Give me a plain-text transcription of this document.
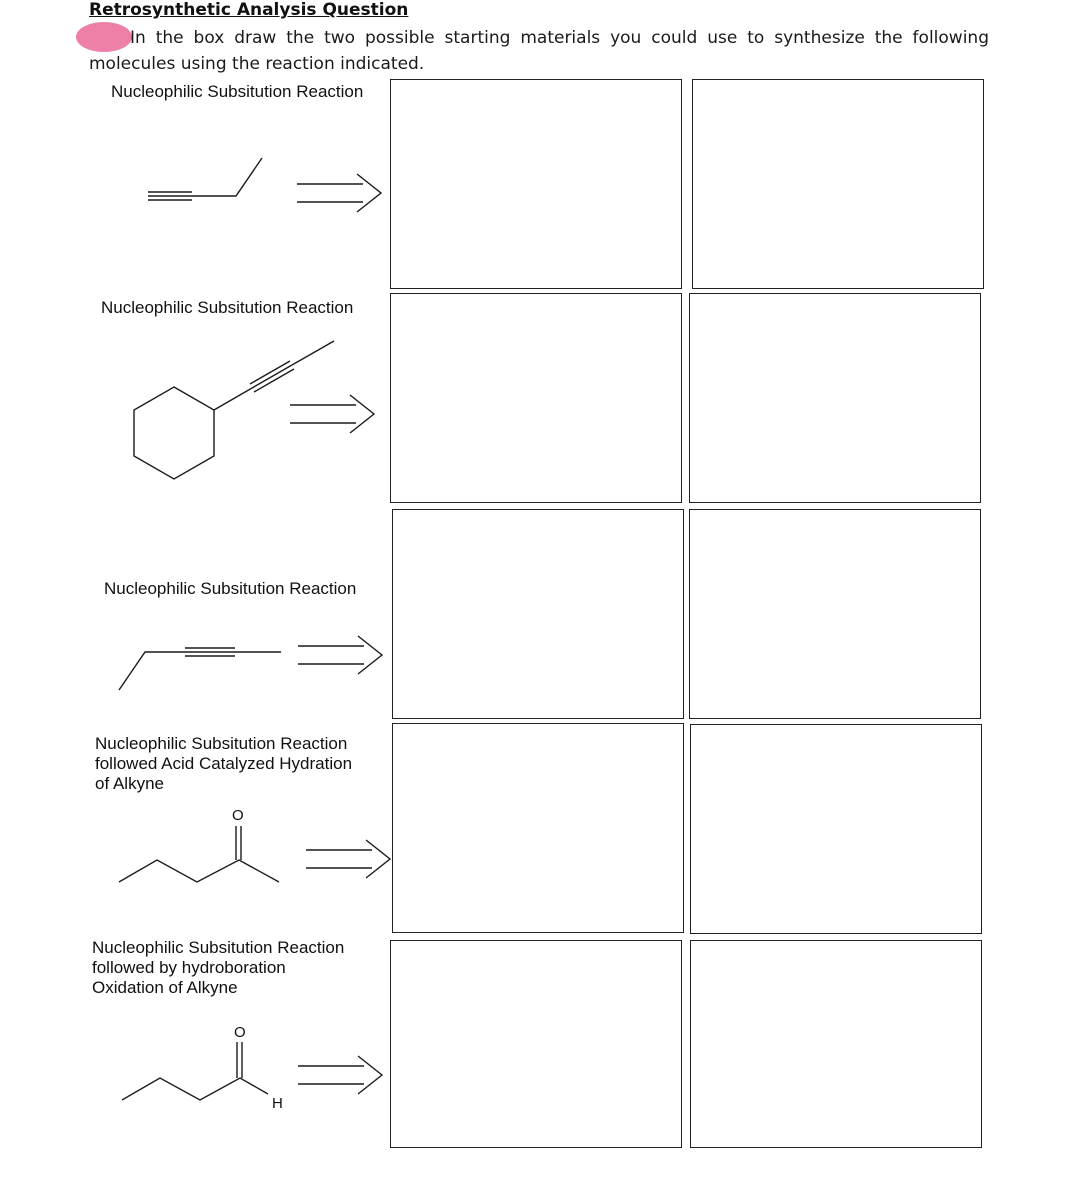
Retrosynthetic Analysis Question
In the box draw the two possible starting materials you could use to synthesize the following molecules using the reaction indicated.
Nucleophilic Subsitution Reaction
Nucleophilic Subsitution Reaction
Nucleophilic Subsitution Reaction
Nucleophilic Subsitution Reaction
followed Acid Catalyzed Hydration
of Alkyne
O
Nucleophilic Subsitution Reaction
followed by hydroboration
Oxidation of Alkyne
O
H
